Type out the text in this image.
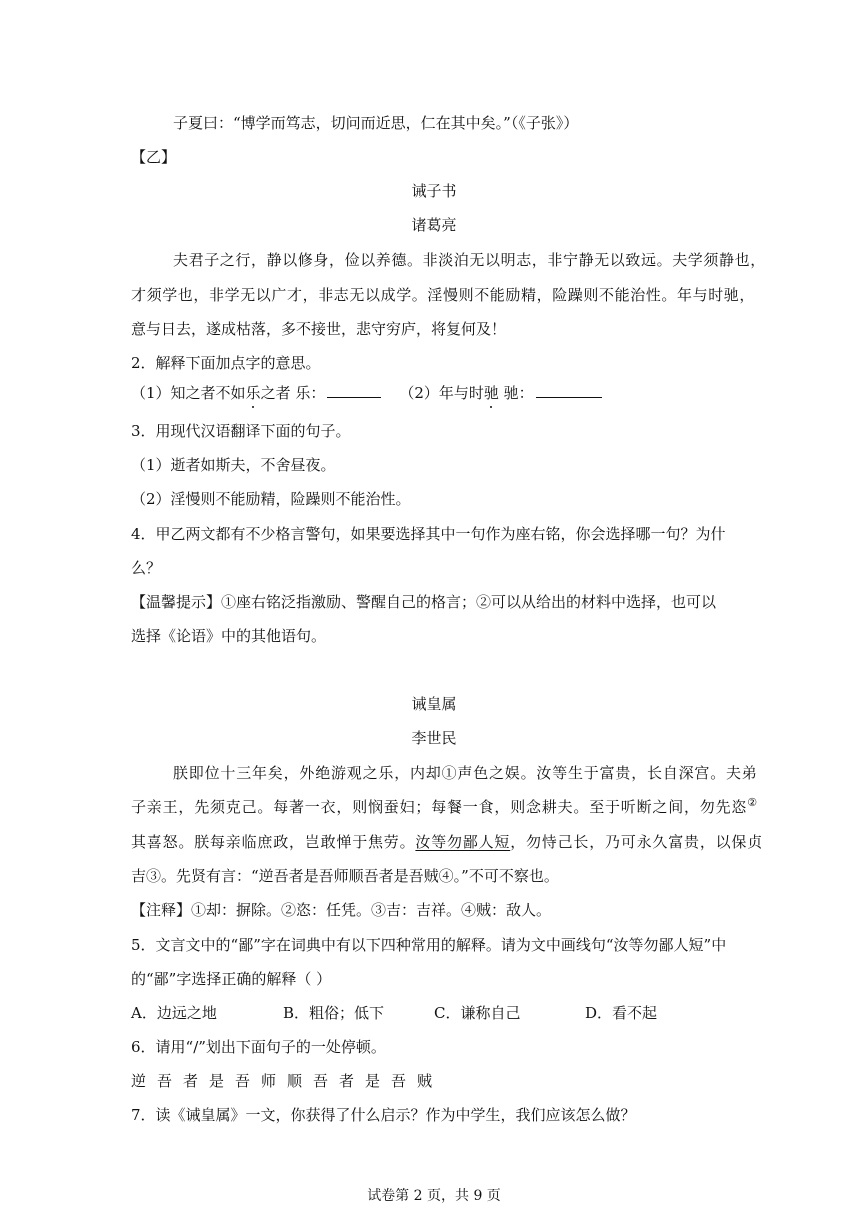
子夏曰：“博学而笃志，切问而近思，仁在其中矣。”（《子张》）
【乙】
诫子书
诸葛亮
夫君子之行，静以修身，俭以养德。非淡泊无以明志，非宁静无以致远。夫学须静也，
才须学也，非学无以广才，非志无以成学。淫慢则不能励精，险躁则不能治性。年与时驰，
意与日去，遂成枯落，多不接世，悲守穷庐，将复何及！
2．解释下面加点字的意思。
（1）知之者不如乐之者 乐：	（2）年与时驰 驰：
3．用现代汉语翻译下面的句子。
（1）逝者如斯夫，不舍昼夜。
（2）淫慢则不能励精，险躁则不能治性。
4．甲乙两文都有不少格言警句，如果要选择其中一句作为座右铭，你会选择哪一句？为什
么？
【温馨提示】①座右铭泛指激励、警醒自己的格言；②可以从给出的材料中选择，也可以
选择《论语》中的其他语句。
诫皇属
李世民
朕即位十三年矣，外绝游观之乐，内却①声色之娱。汝等生于富贵，长自深宫。夫弟
子亲王，先须克己。每著一衣，则悯蚕妇；每餐一食，则念耕夫。至于听断之间，勿先恣②
其喜怒。朕每亲临庶政，岂敢惮于焦劳。汝等勿鄙人短，勿恃己长，乃可永久富贵，以保贞
吉③。先贤有言：“逆吾者是吾师顺吾者是吾贼④。”不可不察也。
【注释】①却：摒除。②恣：任凭。③吉：吉祥。④贼：敌人。
5．文言文中的“鄙”字在词典中有以下四种常用的解释。请为文中画线句“汝等勿鄙人短”中
的“鄙”字选择正确的解释（ ）
A．边远之地	B．粗俗；低下	C．谦称自己	D．看不起
6．请用“/”划出下面句子的一处停顿。
逆吾者是吾师顺吾者是吾贼
7．读《诫皇属》一文，你获得了什么启示？作为中学生，我们应该怎么做？
试卷第 2 页，共 9 页
